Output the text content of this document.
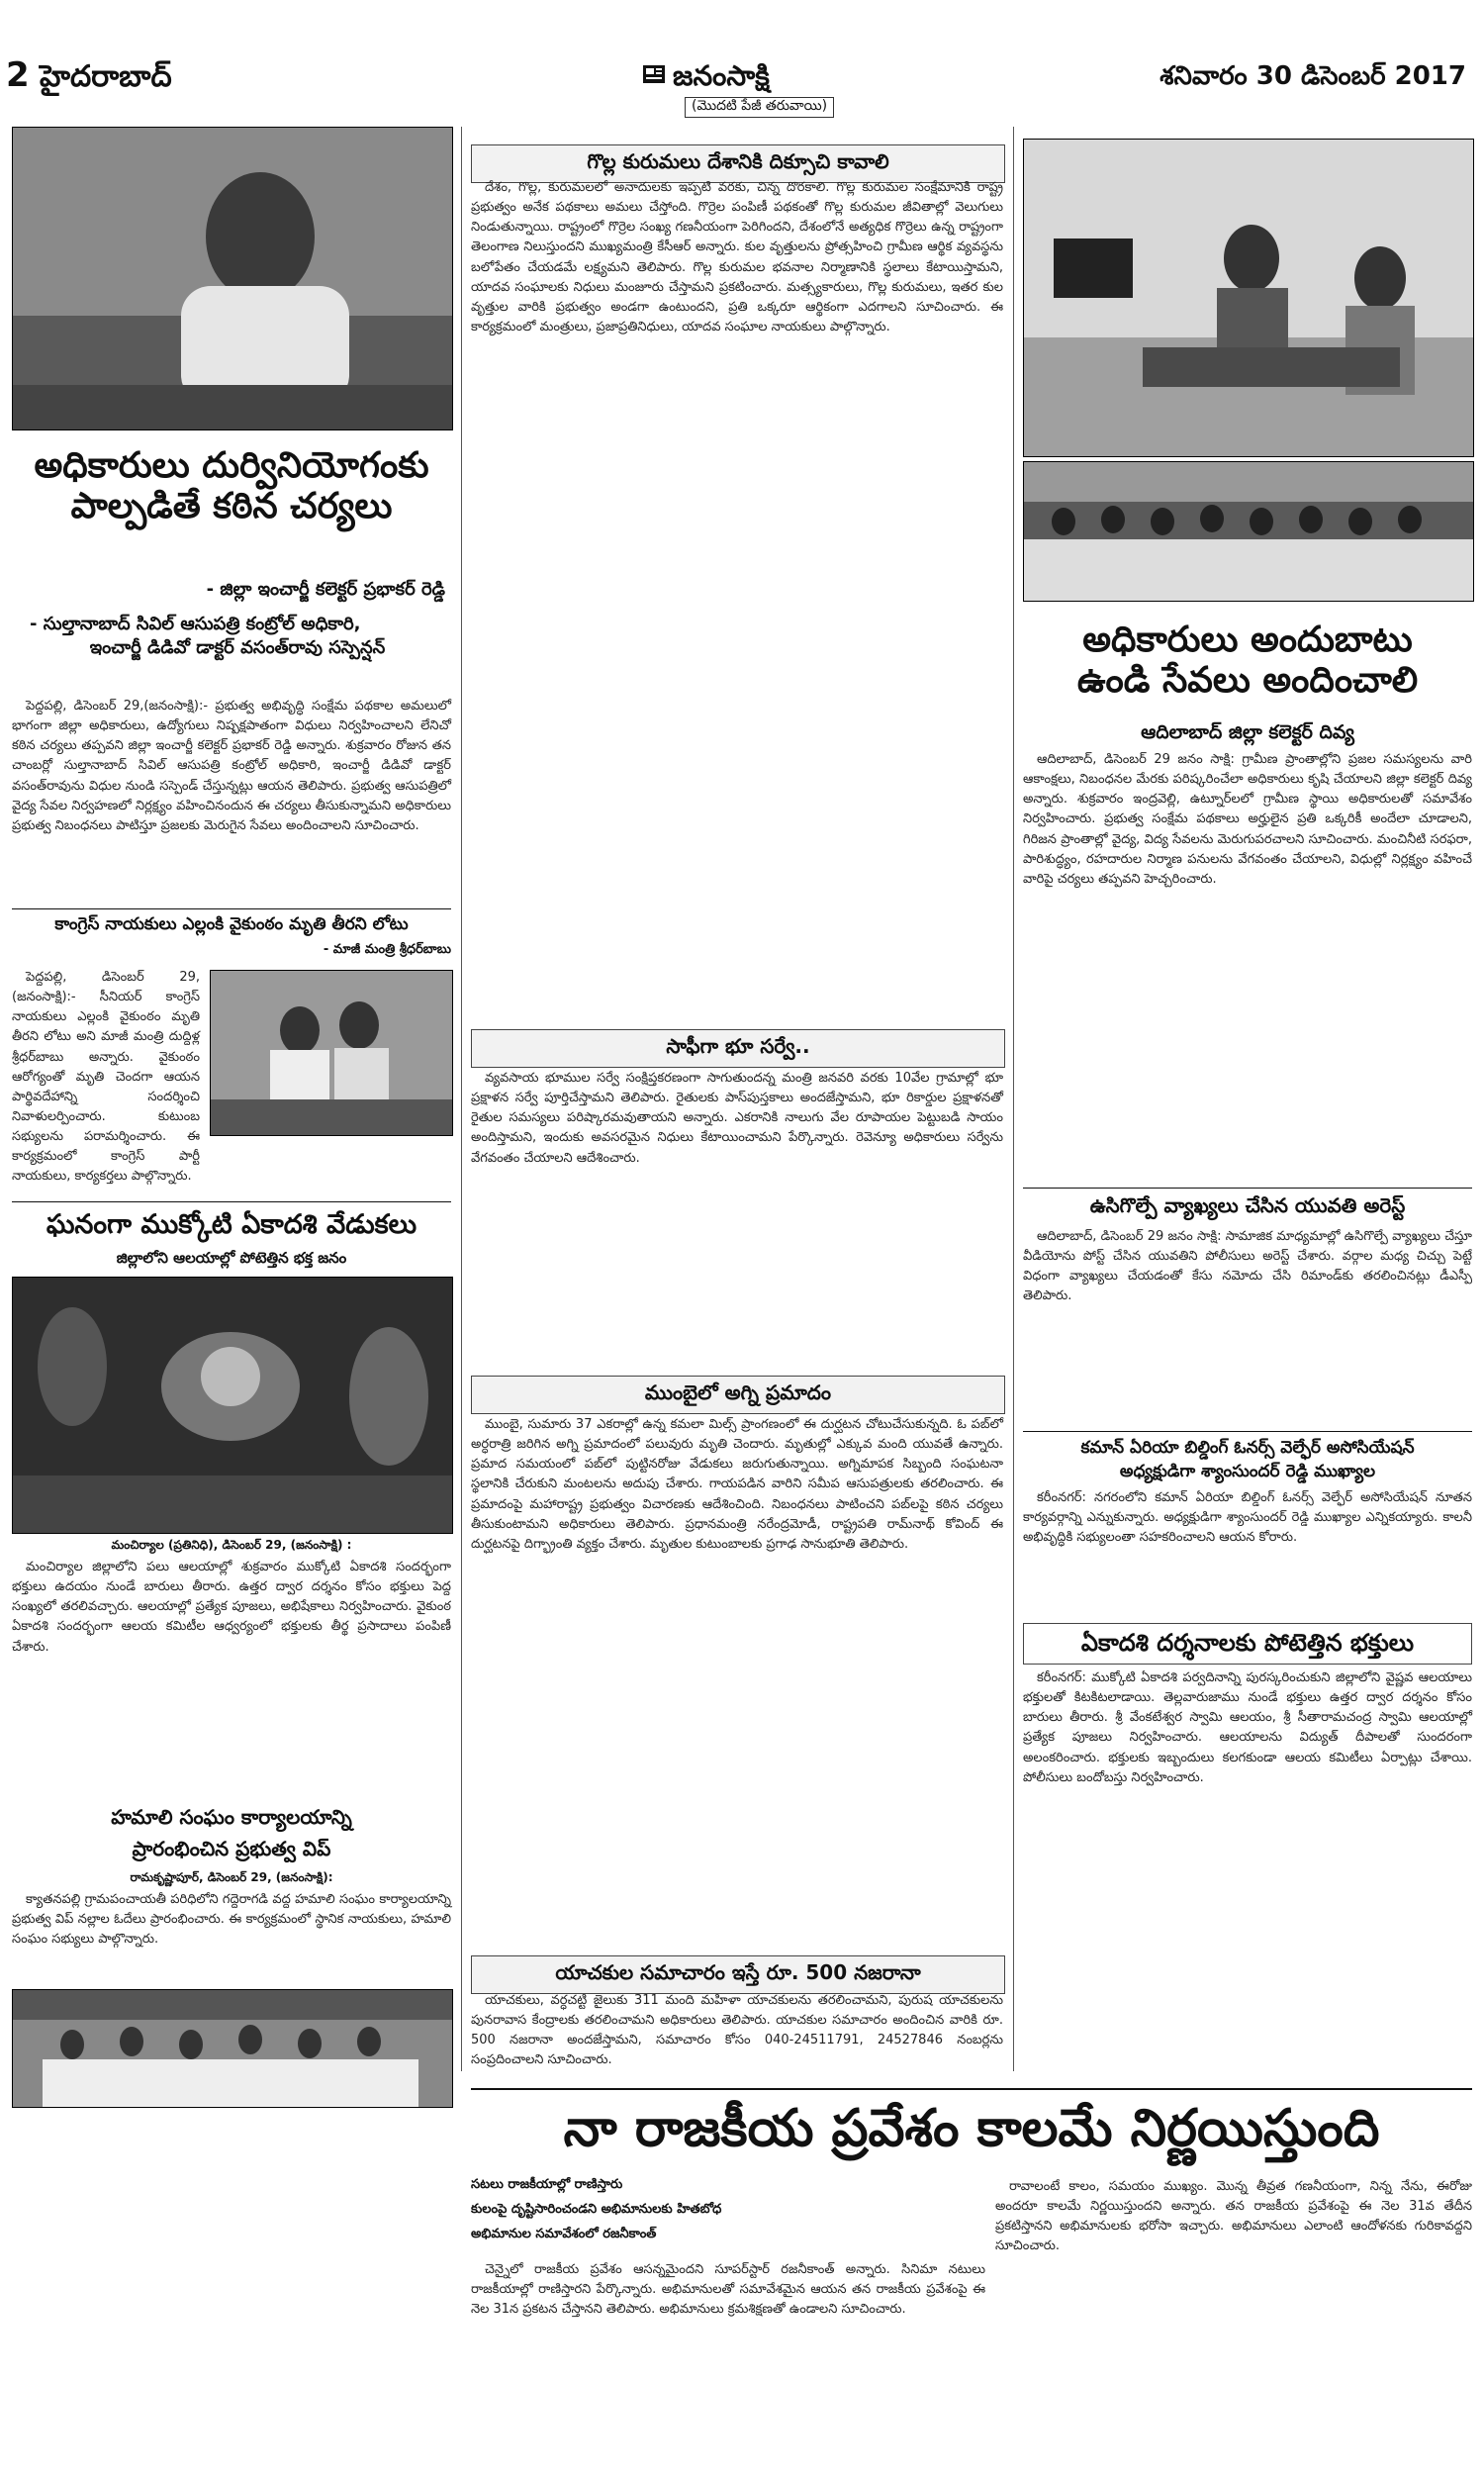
2 హైదరాబాద్	జనంసాక్షి
(మొదటి పేజీ తరువాయి)
శనివారం 30 డిసెంబర్ 2017
అధికారులు దుర్వినియోగంకు
పాల్పడితే కఠిన చర్యలు
- జిల్లా ఇంచార్జీ కలెక్టర్ ప్రభాకర్ రెడ్డి
- సుల్తానాబాద్ సివిల్ ఆసుపత్రి కంట్రోల్ అధికారి,
ఇంచార్జీ డిడివో డాక్టర్ వసంత్‌రావు సస్పెన్షన్

పెద్దపల్లి, డిసెంబర్ 29,(జనంసాక్షి):- ప్రభుత్వ అభివృద్ధి సంక్షేమ పథకాల అమలులో భాగంగా జిల్లా అధికారులు, ఉద్యోగులు నిష్పక్షపాతంగా విధులు నిర్వహించాలని లేనిచో కఠిన చర్యలు తప్పవని జిల్లా ఇంచార్జీ కలెక్టర్ ప్రభాకర్ రెడ్డి అన్నారు. శుక్రవారం రోజున తన చాంబర్లో సుల్తానాబాద్ సివిల్ ఆసుపత్రి కంట్రోల్ అధికారి, ఇంచార్జీ డిడివో డాక్టర్ వసంత్‌రావును విధుల నుండి సస్పెండ్ చేస్తున్నట్లు ఆయన తెలిపారు. ప్రభుత్వ ఆసుపత్రిలో వైద్య సేవల నిర్వహణలో నిర్లక్ష్యం వహించినందున ఈ చర్యలు తీసుకున్నామని అధికారులు ప్రభుత్వ నిబంధనలు పాటిస్తూ ప్రజలకు మెరుగైన సేవలు అందించాలని సూచించారు.

కాంగ్రెస్ నాయకులు ఎల్లంకి వైకుంఠం మృతి తీరని లోటు
- మాజీ మంత్రి శ్రీధర్‌బాబు

పెద్దపల్లి, డిసెంబర్ 29,(జనంసాక్షి):- సీనియర్ కాంగ్రెస్ నాయకులు ఎల్లంకి వైకుంఠం మృతి తీరని లోటు అని మాజీ మంత్రి దుద్దిళ్ల శ్రీధర్‌బాబు అన్నారు. వైకుంఠం ఆరోగ్యంతో మృతి చెందగా ఆయన పార్థివదేహాన్ని సందర్శించి నివాళులర్పించారు. కుటుంబ సభ్యులను పరామర్శించారు. ఈ కార్యక్రమంలో కాంగ్రెస్ పార్టీ నాయకులు, కార్యకర్తలు పాల్గొన్నారు.

ఘనంగా ముక్కోటి ఏకాదశి వేడుకలు
జిల్లాలోని ఆలయాల్లో పోటెత్తిన భక్త జనం
మంచిర్యాల (ప్రతినిధి), డిసెంబర్ 29, (జనంసాక్షి) :

మంచిర్యాల జిల్లాలోని పలు ఆలయాల్లో శుక్రవారం ముక్కోటి ఏకాదశి సందర్భంగా భక్తులు ఉదయం నుండే బారులు తీరారు. ఉత్తర ద్వార దర్శనం కోసం భక్తులు పెద్ద సంఖ్యలో తరలివచ్చారు. ఆలయాల్లో ప్రత్యేక పూజలు, అభిషేకాలు నిర్వహించారు. వైకుంఠ ఏకాదశి సందర్భంగా ఆలయ కమిటీల ఆధ్వర్యంలో భక్తులకు తీర్థ ప్రసాదాలు పంపిణీ చేశారు.

హమాలి సంఘం కార్యాలయాన్ని
ప్రారంభించిన ప్రభుత్వ విప్
రామకృష్ణాపూర్, డిసెంబర్ 29, (జనంసాక్షి):

క్యాతనపల్లి గ్రామపంచాయతీ పరిధిలోని గద్దెరాగడి వద్ద హమాలి సంఘం కార్యాలయాన్ని ప్రభుత్వ విప్ నల్లాల ఓదేలు ప్రారంభించారు. ఈ కార్యక్రమంలో స్థానిక నాయకులు, హమాలి సంఘం సభ్యులు పాల్గొన్నారు.

గొల్ల కురుమలు దేశానికి దిక్సూచి కావాలి

దేశం, గొల్ల, కురుమలలో అనాదులకు ఇప్పటి వరకు, చిన్న దొరకాలి. గొల్ల కురుమల సంక్షేమానికి రాష్ట్ర ప్రభుత్వం అనేక పథకాలు అమలు చేస్తోంది. గొర్రెల పంపిణీ పథకంతో గొల్ల కురుమల జీవితాల్లో వెలుగులు నిండుతున్నాయి. రాష్ట్రంలో గొర్రెల సంఖ్య గణనీయంగా పెరిగిందని, దేశంలోనే అత్యధిక గొర్రెలు ఉన్న రాష్ట్రంగా తెలంగాణ నిలుస్తుందని ముఖ్యమంత్రి కేసీఆర్ అన్నారు. కుల వృత్తులను ప్రోత్సహించి గ్రామీణ ఆర్థిక వ్యవస్థను బలోపేతం చేయడమే లక్ష్యమని తెలిపారు. గొల్ల కురుమల భవనాల నిర్మాణానికి స్థలాలు కేటాయిస్తామని, యాదవ సంఘాలకు నిధులు మంజూరు చేస్తామని ప్రకటించారు. మత్స్యకారులు, గొల్ల కురుమలు, ఇతర కుల వృత్తుల వారికి ప్రభుత్వం అండగా ఉంటుందని, ప్రతి ఒక్కరూ ఆర్థికంగా ఎదగాలని సూచించారు. ఈ కార్యక్రమంలో మంత్రులు, ప్రజాప్రతినిధులు, యాదవ సంఘాల నాయకులు పాల్గొన్నారు.

సాఫీగా భూ సర్వే..

వ్యవసాయ భూముల సర్వే సంక్షిప్తకరణంగా సాగుతుందన్న మంత్రి జనవరి వరకు 10వేల గ్రామాల్లో భూ ప్రక్షాళన సర్వే పూర్తిచేస్తామని తెలిపారు. రైతులకు పాస్‌పుస్తకాలు అందజేస్తామని, భూ రికార్డుల ప్రక్షాళనతో రైతుల సమస్యలు పరిష్కారమవుతాయని అన్నారు. ఎకరానికి నాలుగు వేల రూపాయల పెట్టుబడి సాయం అందిస్తామని, ఇందుకు అవసరమైన నిధులు కేటాయించామని పేర్కొన్నారు. రెవెన్యూ అధికారులు సర్వేను వేగవంతం చేయాలని ఆదేశించారు.

ముంబైలో అగ్ని ప్రమాదం

ముంబై, సుమారు 37 ఎకరాల్లో ఉన్న కమలా మిల్స్ ప్రాంగణంలో ఈ దుర్ఘటన చోటుచేసుకున్నది. ఓ పబ్‌లో అర్ధరాత్రి జరిగిన అగ్ని ప్రమాదంలో పలువురు మృతి చెందారు. మృతుల్లో ఎక్కువ మంది యువతే ఉన్నారు. ప్రమాద సమయంలో పబ్‌లో పుట్టినరోజు వేడుకలు జరుగుతున్నాయి. అగ్నిమాపక సిబ్బంది సంఘటనా స్థలానికి చేరుకుని మంటలను అదుపు చేశారు. గాయపడిన వారిని సమీప ఆసుపత్రులకు తరలించారు. ఈ ప్రమాదంపై మహారాష్ట్ర ప్రభుత్వం విచారణకు ఆదేశించింది. నిబంధనలు పాటించని పబ్‌లపై కఠిన చర్యలు తీసుకుంటామని అధికారులు తెలిపారు. ప్రధానమంత్రి నరేంద్రమోడీ, రాష్ట్రపతి రామ్‌నాథ్ కోవింద్ ఈ దుర్ఘటనపై దిగ్భ్రాంతి వ్యక్తం చేశారు. మృతుల కుటుంబాలకు ప్రగాఢ సానుభూతి తెలిపారు.

యాచకుల సమాచారం ఇస్తే రూ. 500 నజరానా

యాచకులు, వర్ధచట్టి జైలుకు 311 మంది మహిళా యాచకులను తరలించామని, పురుష యాచకులను పునరావాస కేంద్రాలకు తరలించామని అధికారులు తెలిపారు. యాచకుల సమాచారం అందించిన వారికి రూ. 500 నజరానా అందజేస్తామని, సమాచారం కోసం 040-24511791, 24527846 నంబర్లను సంప్రదించాలని సూచించారు.

అధికారులు అందుబాటు
ఉండి సేవలు అందించాలి
ఆదిలాబాద్ జిల్లా కలెక్టర్ దివ్య

ఆదిలాబాద్, డిసెంబర్ 29 జనం సాక్షి: గ్రామీణ ప్రాంతాల్లోని ప్రజల సమస్యలను వారి ఆకాంక్షలు, నిబంధనల మేరకు పరిష్కరించేలా అధికారులు కృషి చేయాలని జిల్లా కలెక్టర్ దివ్య అన్నారు. శుక్రవారం ఇంద్రవెల్లి, ఉట్నూర్‌లలో గ్రామీణ స్థాయి అధికారులతో సమావేశం నిర్వహించారు. ప్రభుత్వ సంక్షేమ పథకాలు అర్హులైన ప్రతి ఒక్కరికీ అందేలా చూడాలని, గిరిజన ప్రాంతాల్లో వైద్య, విద్య సేవలను మెరుగుపరచాలని సూచించారు. మంచినీటి సరఫరా, పారిశుద్ధ్యం, రహదారుల నిర్మాణ పనులను వేగవంతం చేయాలని, విధుల్లో నిర్లక్ష్యం వహించే వారిపై చర్యలు తప్పవని హెచ్చరించారు.

ఉసిగొల్పే వ్యాఖ్యలు చేసిన యువతి అరెస్ట్

ఆదిలాబాద్, డిసెంబర్ 29 జనం సాక్షి: సామాజిక మాధ్యమాల్లో ఉసిగొల్పే వ్యాఖ్యలు చేస్తూ వీడియోను పోస్ట్ చేసిన యువతిని పోలీసులు అరెస్ట్ చేశారు. వర్గాల మధ్య చిచ్చు పెట్టే విధంగా వ్యాఖ్యలు చేయడంతో కేసు నమోదు చేసి రిమాండ్‌కు తరలించినట్లు డీఎస్పీ తెలిపారు.

కమాన్ ఏరియా బిల్డింగ్ ఓనర్స్ వెల్ఫేర్ అసోసియేషన్
అధ్యక్షుడిగా శ్యాంసుందర్ రెడ్డి ముఖ్యాల

కరీంనగర్: నగరంలోని కమాన్ ఏరియా బిల్డింగ్ ఓనర్స్ వెల్ఫేర్ అసోసియేషన్ నూతన కార్యవర్గాన్ని ఎన్నుకున్నారు. అధ్యక్షుడిగా శ్యాంసుందర్ రెడ్డి ముఖ్యాల ఎన్నికయ్యారు. కాలనీ అభివృద్ధికి సభ్యులంతా సహకరించాలని ఆయన కోరారు.

ఏకాదశి దర్శనాలకు పోటెత్తిన భక్తులు

కరీంనగర్: ముక్కోటి ఏకాదశి పర్వదినాన్ని పురస్కరించుకుని జిల్లాలోని వైష్ణవ ఆలయాలు భక్తులతో కిటకిటలాడాయి. తెల్లవారుజాము నుండే భక్తులు ఉత్తర ద్వార దర్శనం కోసం బారులు తీరారు. శ్రీ వేంకటేశ్వర స్వామి ఆలయం, శ్రీ సీతారామచంద్ర స్వామి ఆలయాల్లో ప్రత్యేక పూజలు నిర్వహించారు. ఆలయాలను విద్యుత్ దీపాలతో సుందరంగా అలంకరించారు. భక్తులకు ఇబ్బందులు కలగకుండా ఆలయ కమిటీలు ఏర్పాట్లు చేశాయి. పోలీసులు బందోబస్తు నిర్వహించారు.

నా రాజకీయ ప్రవేశం కాలమే నిర్ణయిస్తుంది
సటలు రాజకీయాల్లో రాణిస్తారు
కులంపై దృష్టిసారించండని అభిమానులకు హితబోధ
అభిమానుల సమావేశంలో రజనీకాంత్

చెన్నైలో రాజకీయ ప్రవేశం ఆసన్నమైందని సూపర్‌స్టార్ రజనీకాంత్ అన్నారు. సినిమా నటులు రాజకీయాల్లో రాణిస్తారని పేర్కొన్నారు. అభిమానులతో సమావేశమైన ఆయన తన రాజకీయ ప్రవేశంపై ఈ నెల 31న ప్రకటన చేస్తానని తెలిపారు. అభిమానులు క్రమశిక్షణతో ఉండాలని సూచించారు.

రావాలంటే కాలం, సమయం ముఖ్యం. మొన్న తీవ్రత గణనీయంగా, నిన్న నేను, ఈరోజు అందరూ కాలమే నిర్ణయిస్తుందని అన్నారు. తన రాజకీయ ప్రవేశంపై ఈ నెల 31వ తేదీన ప్రకటిస్తానని అభిమానులకు భరోసా ఇచ్చారు. అభిమానులు ఎలాంటి ఆందోళనకు గురికావద్దని సూచించారు.
